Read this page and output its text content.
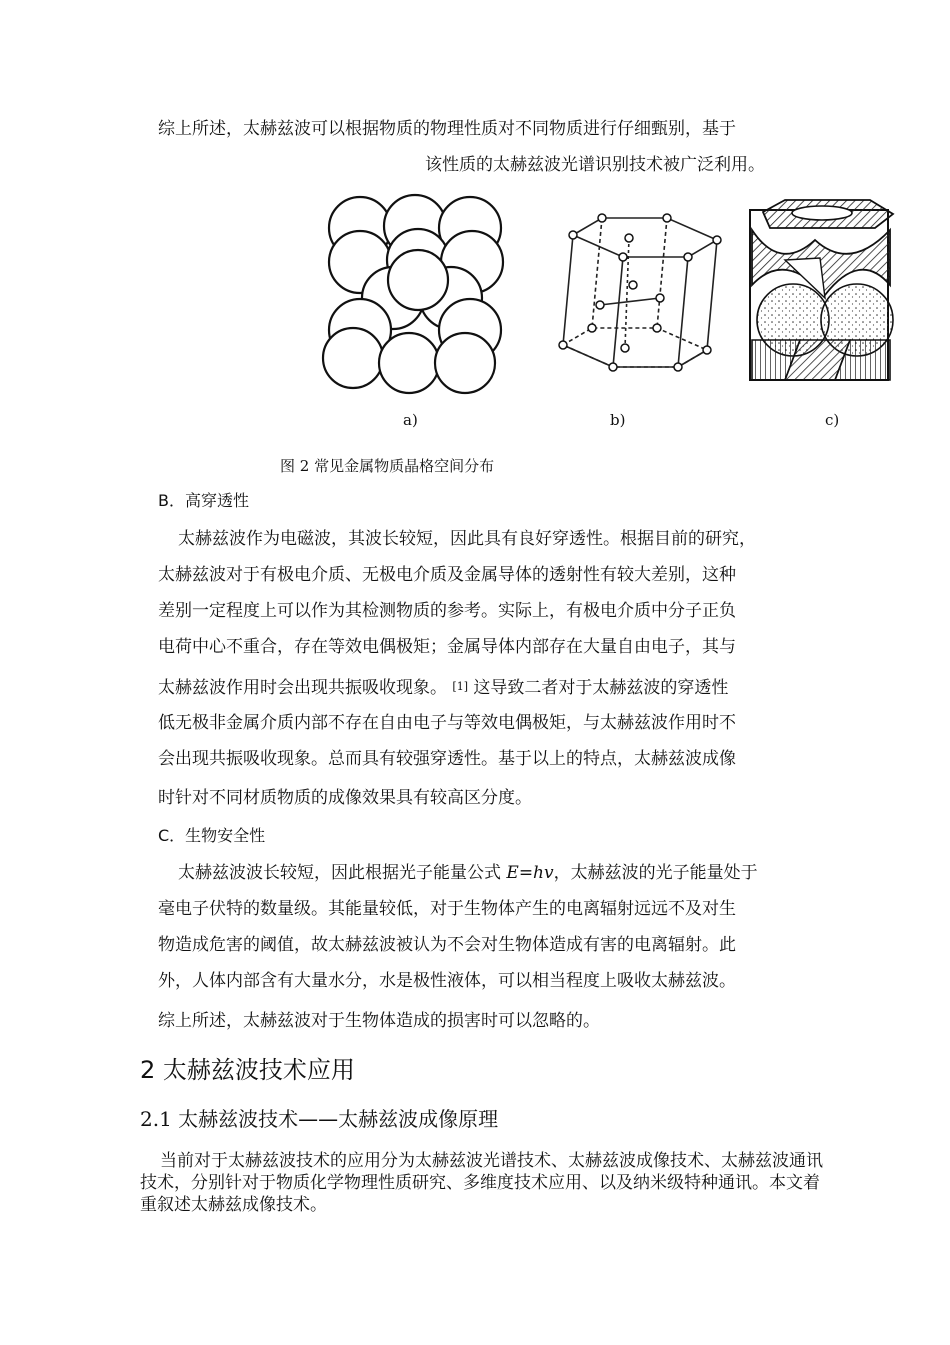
综上所述，太赫兹波可以根据物质的物理性质对不同物质进行仔细甄别，基于
该性质的太赫兹波光谱识别技术被广泛利用。
a)	b)	c)
图 2 常见金属物质晶格空间分布
B．高穿透性
太赫兹波作为电磁波，其波长较短，因此具有良好穿透性。根据目前的研究，
太赫兹波对于有极电介质、无极电介质及金属导体的透射性有较大差别，这种
差别一定程度上可以作为其检测物质的参考。实际上，有极电介质中分子正负
电荷中心不重合，存在等效电偶极矩；金属导体内部存在大量自由电子，其与
太赫兹波作用时会出现共振吸收现象。 [1] 这导致二者对于太赫兹波的穿透性
低无极非金属介质内部不存在自由电子与等效电偶极矩，与太赫兹波作用时不
会出现共振吸收现象。总而具有较强穿透性。基于以上的特点，太赫兹波成像
时针对不同材质物质的成像效果具有较高区分度。
C．生物安全性
太赫兹波波长较短，因此根据光子能量公式 E=hv，太赫兹波的光子能量处于
毫电子伏特的数量级。其能量较低，对于生物体产生的电离辐射远远不及对生
物造成危害的阈值，故太赫兹波被认为不会对生物体造成有害的电离辐射。此
外，人体内部含有大量水分，水是极性液体，可以相当程度上吸收太赫兹波。
综上所述，太赫兹波对于生物体造成的损害时可以忽略的。
2 太赫兹波技术应用
2.1 太赫兹波技术——太赫兹波成像原理
当前对于太赫兹波技术的应用分为太赫兹波光谱技术、太赫兹波成像技术、太赫兹波通讯技术，分别针对于物质化学物理性质研究、多维度技术应用、以及纳米级特种通讯。本文着重叙述太赫兹成像技术。
